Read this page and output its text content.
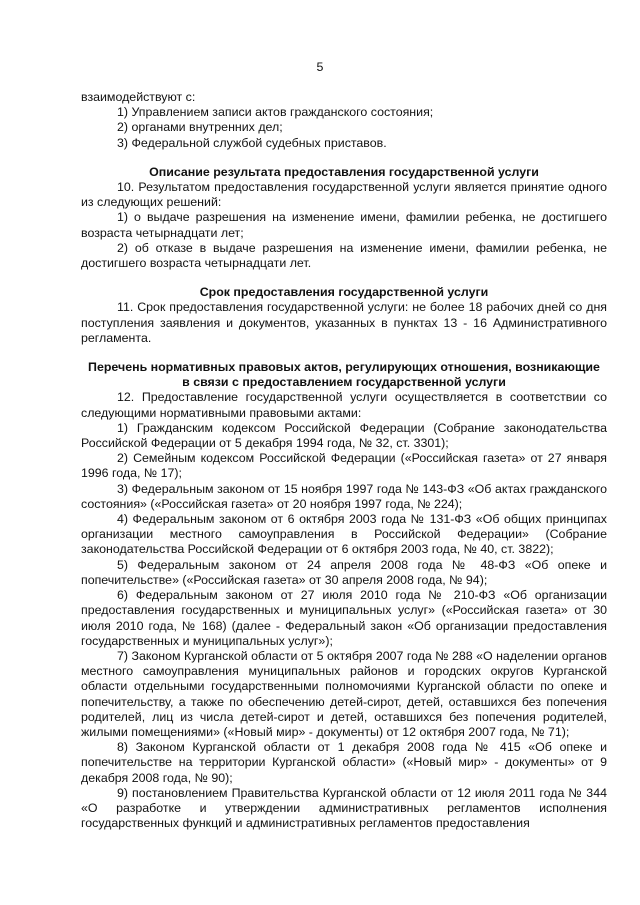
5

взаимодействуют с:

1) Управлением записи актов гражданского состояния;

2) органами внутренних дел;

3) Федеральной службой судебных приставов.

Описание результата предоставления государственной услуги

10. Результатом предоставления государственной услуги является принятие одного из следующих решений:

1) о выдаче разрешения на изменение имени, фамилии ребенка, не достигшего возраста четырнадцати лет;

2) об отказе в выдаче разрешения на изменение имени, фамилии ребенка, не достигшего возраста четырнадцати лет.

Срок предоставления государственной услуги

11. Срок предоставления государственной услуги: не более 18 рабочих дней со дня поступления заявления и документов, указанных в пунктах 13 - 16 Административного регламента.

Перечень нормативных правовых актов, регулирующих отношения, возникающие

в связи с предоставлением государственной услуги

12. Предоставление государственной услуги осуществляется в соответствии со следующими нормативными правовыми актами:

1) Гражданским кодексом Российской Федерации (Собрание законодательства Российской Федерации от 5 декабря 1994 года, № 32, ст. 3301);

2) Семейным кодексом Российской Федерации («Российская газета» от 27 января 1996 года, № 17);

3) Федеральным законом от 15 ноября 1997 года № 143-ФЗ «Об актах гражданского состояния» («Российская газета» от 20 ноября 1997 года, № 224);

4) Федеральным законом от 6 октября 2003 года № 131-ФЗ «Об общих принципах организации местного самоуправления в Российской Федерации» (Собрание законодательства Российской Федерации от 6 октября 2003 года, № 40, ст. 3822);

5) Федеральным законом от 24 апреля 2008 года № 48-ФЗ «Об опеке и попечительстве» («Российская газета» от 30 апреля 2008 года, № 94);

6) Федеральным законом от 27 июля 2010 года № 210-ФЗ «Об организации предоставления государственных и муниципальных услуг» («Российская газета» от 30 июля 2010 года, № 168) (далее - Федеральный закон «Об организации предоставления государственных и муниципальных услуг»);

7) Законом Курганской области от 5 октября 2007 года № 288 «О наделении органов местного самоуправления муниципальных районов и городских округов Курганской области отдельными государственными полномочиями Курганской области по опеке и попечительству, а также по обеспечению детей-сирот, детей, оставшихся без попечения родителей, лиц из числа детей-сирот и детей, оставшихся без попечения родителей, жилыми помещениями» («Новый мир» - документы) от 12 октября 2007 года, № 71);

8) Законом Курганской области от 1 декабря 2008 года № 415 «Об опеке и попечительстве на территории Курганской области» («Новый мир» - документы» от 9 декабря 2008 года, № 90);

9) постановлением Правительства Курганской области от 12 июля 2011 года № 344 «О разработке и утверждении административных регламентов исполнения государственных функций и административных регламентов предоставления
